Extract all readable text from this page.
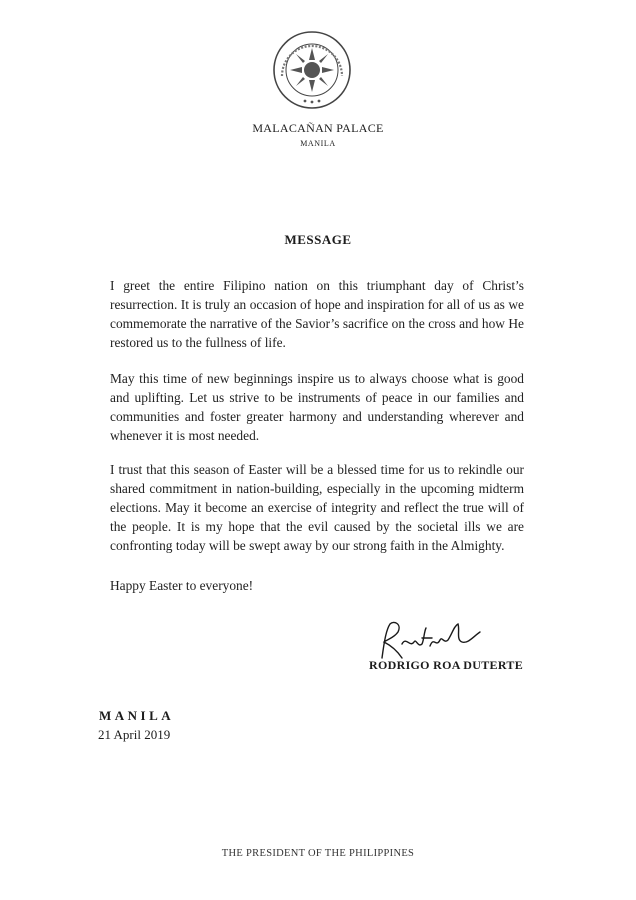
MALACAÑAN PALACE
MANILA
MESSAGE
I greet the entire Filipino nation on this triumphant day of Christ’s resurrection. It is truly an occasion of hope and inspiration for all of us as we commemorate the narrative of the Savior’s sacrifice on the cross and how He restored us to the fullness of life.
May this time of new beginnings inspire us to always choose what is good and uplifting. Let us strive to be instruments of peace in our families and communities and foster greater harmony and understanding wherever and whenever it is most needed.
I trust that this season of Easter will be a blessed time for us to rekindle our shared commitment in nation-building, especially in the upcoming midterm elections. May it become an exercise of integrity and reflect the true will of the people. It is my hope that the evil caused by the societal ills we are confronting today will be swept away by our strong faith in the Almighty.
Happy Easter to everyone!
RODRIGO ROA DUTERTE
MANILA
21 April 2019
THE PRESIDENT OF THE PHILIPPINES
